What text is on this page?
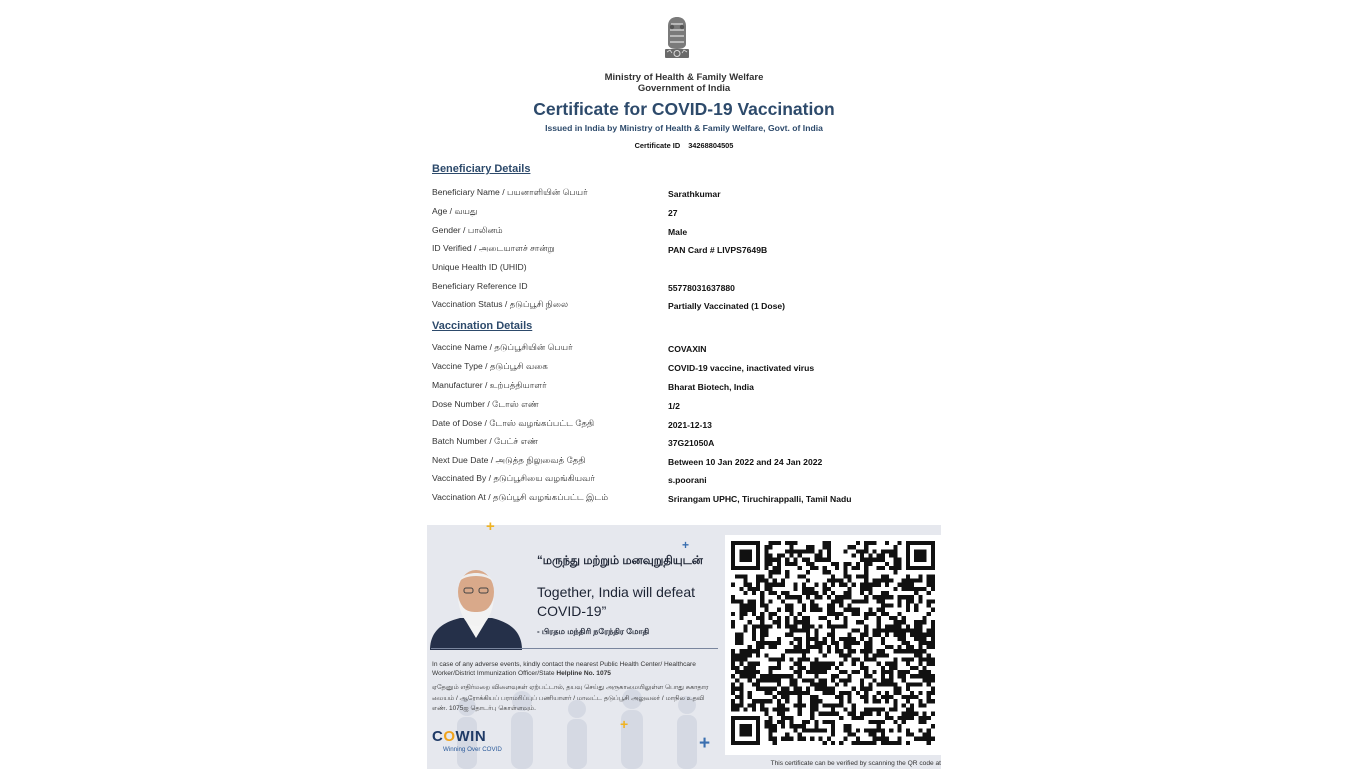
Ministry of Health & Family Welfare
Government of India
Certificate for COVID-19 Vaccination
Issued in India by Ministry of Health & Family Welfare, Govt. of India
Certificate ID 34268804505
Beneficiary Details
Beneficiary Name / பயனாளியின் பெயர்	Sarathkumar
Age / வயது	27
Gender / பாலினம்	Male
ID Verified / அடையாளச் சான்று	PAN Card # LIVPS7649B
Unique Health ID (UHID)
Beneficiary Reference ID	55778031637880
Vaccination Status / தடுப்பூசி நிலை	Partially Vaccinated (1 Dose)
Vaccination Details
Vaccine Name / தடுப்பூசியின் பெயர்	COVAXIN
Vaccine Type / தடுப்பூசி வகை	COVID-19 vaccine, inactivated virus
Manufacturer / உற்பத்தியாளர்	Bharat Biotech, India
Dose Number / டோஸ் எண்	1/2
Date of Dose / டோஸ் வழங்கப்பட்ட தேதி	2021-12-13
Batch Number / பேட்ச் எண்	37G21050A
Next Due Date / அடுத்த நிலுவைத் தேதி	Between 10 Jan 2022 and 24 Jan 2022
Vaccinated By / தடுப்பூசியை வழங்கியவர்	s.poorani
Vaccination At / தடுப்பூசி வழங்கப்பட்ட இடம்	Srirangam UPHC, Tiruchirappalli, Tamil Nadu
“மருந்து மற்றும் மனவுறுதியுடன்
Together, India will defeat COVID-19”
- பிரதம மந்திரி நரேந்திர மோதி
In case of any adverse events, kindly contact the nearest Public Health Center/ Healthcare Worker/District Immunization Officer/State Helpline No. 1075
ஏதேனும் எதிர்மறை விளைவுகள் ஏற்பட்டால், தயவு செய்து அருகாமையிலுள்ள பொது சுகாதார மையம் / ஆரோக்கியப் பராமரிப்புப் பணியாளர் / மாவட்ட தடுப்பூசி அலுவலர் / மாநில உதவி எண். 1075ஐ தொடர்பு கொள்ளவும்.
COWIN
Winning Over COVID
+
+
+
+
This certificate can be verified by scanning the QR code at
